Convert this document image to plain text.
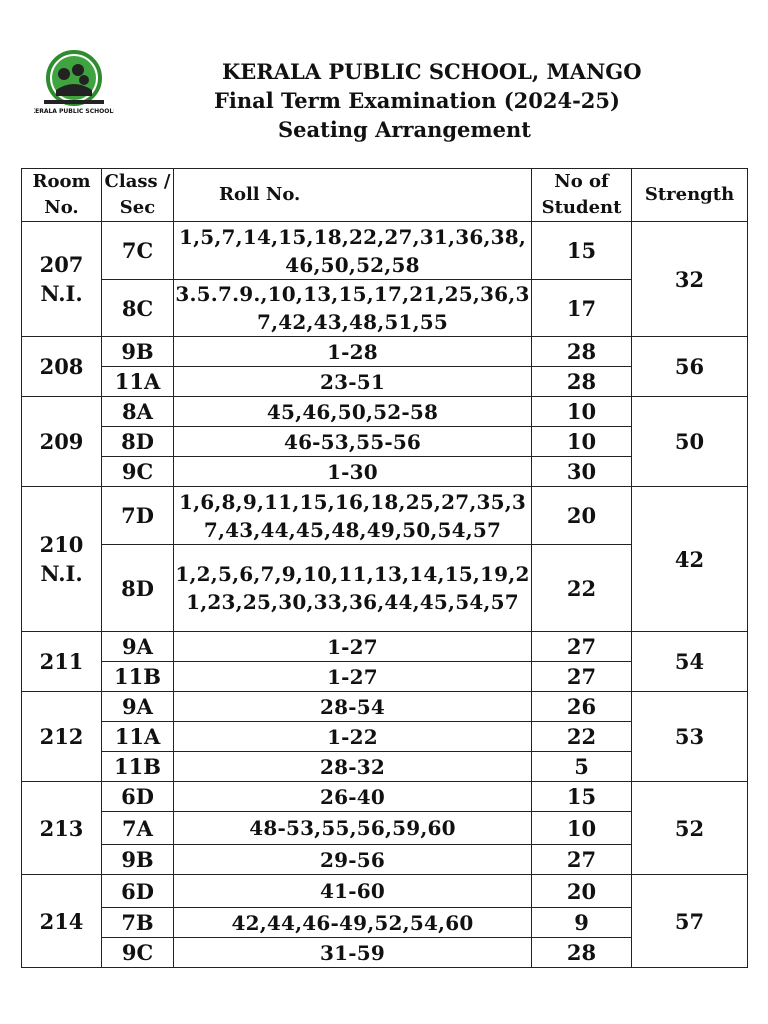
KERALA PUBLIC SCHOOLS
KERALA PUBLIC SCHOOL, MANGO
Final Term Examination (2024-25)
Seating Arrangement
Room No.	Class / Sec	Roll No.	No of Student	Strength
207 N.I.	7C	1,5,7,14,15,18,22,27,31,36,38,46,50,52,58	15	32
	8C	3.5.7.9.,10,13,15,17,21,25,36,37,42,43,48,51,55	17	
208	9B	1-28	28	56
	11A	23-51	28	
209	8A	45,46,50,52-58	10	50
	8D	46-53,55-56	10	
	9C	1-30	30	
210 N.I.	7D	1,6,8,9,11,15,16,18,25,27,35,37,43,44,45,48,49,50,54,57	20	42
	8D	1,2,5,6,7,9,10,11,13,14,15,19,21,23,25,30,33,36,44,45,54,57	22	
211	9A	1-27	27	54
	11B	1-27	27	
212	9A	28-54	26	53
	11A	1-22	22	
	11B	28-32	5	
213	6D	26-40	15	52
	7A	48-53,55,56,59,60	10	
	9B	29-56	27	
214	6D	41-60	20	57
	7B	42,44,46-49,52,54,60	9	
	9C	31-59	28	
